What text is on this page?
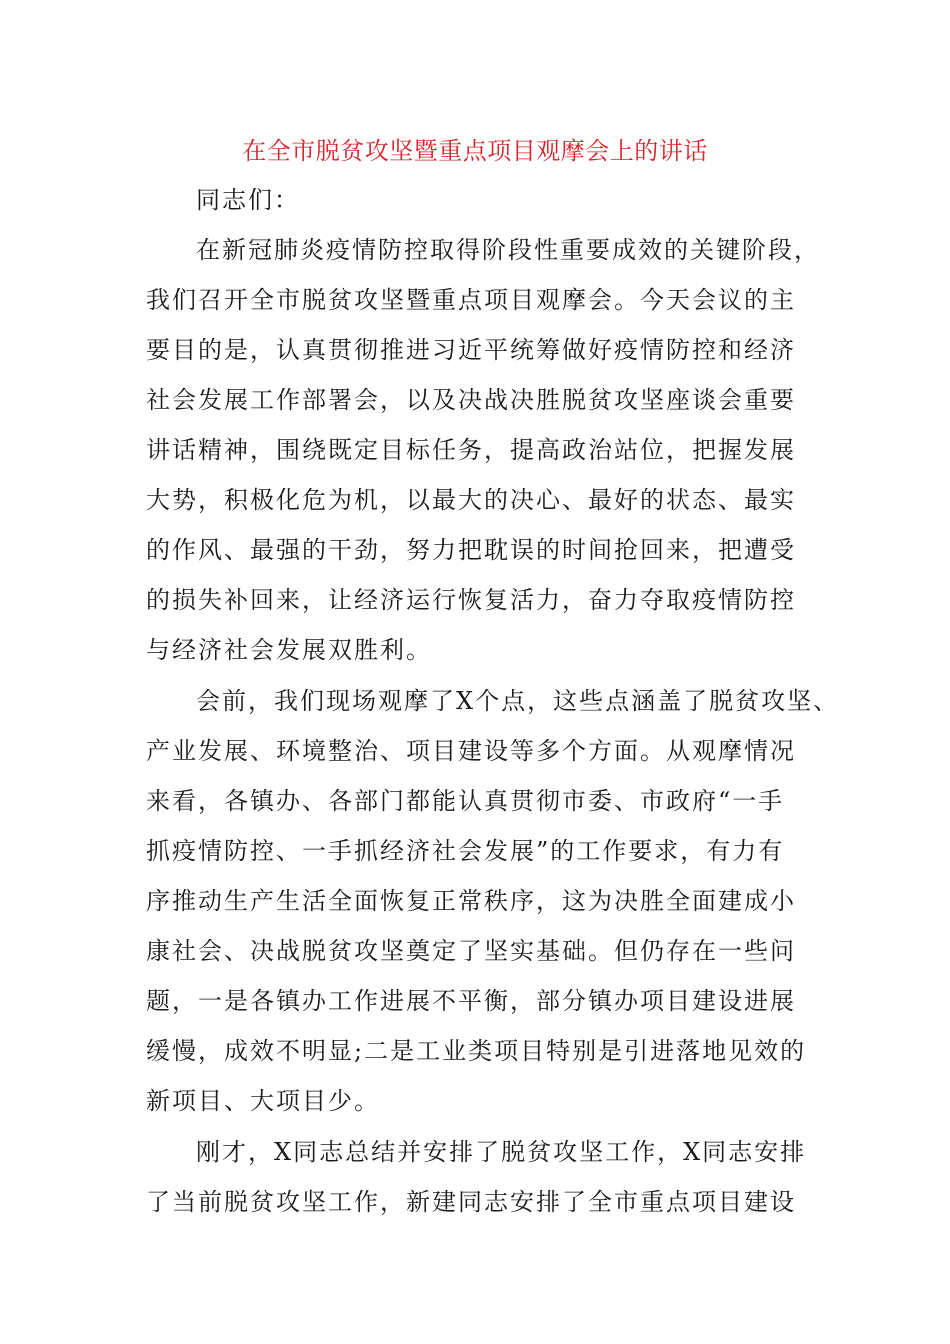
在全市脱贫攻坚暨重点项目观摩会上的讲话
同志们：
在新冠肺炎疫情防控取得阶段性重要成效的关键阶段，
我们召开全市脱贫攻坚暨重点项目观摩会。今天会议的主
要目的是，认真贯彻推进习近平统筹做好疫情防控和经济
社会发展工作部署会，以及决战决胜脱贫攻坚座谈会重要
讲话精神，围绕既定目标任务，提高政治站位，把握发展
大势，积极化危为机，以最大的决心、最好的状态、最实
的作风、最强的干劲，努力把耽误的时间抢回来，把遭受
的损失补回来，让经济运行恢复活力，奋力夺取疫情防控
与经济社会发展双胜利。
会前，我们现场观摩了X个点，这些点涵盖了脱贫攻坚、
产业发展、环境整治、项目建设等多个方面。从观摩情况
来看，各镇办、各部门都能认真贯彻市委、市政府“一手
抓疫情防控、一手抓经济社会发展”的工作要求，有力有
序推动生产生活全面恢复正常秩序，这为决胜全面建成小
康社会、决战脱贫攻坚奠定了坚实基础。但仍存在一些问
题，一是各镇办工作进展不平衡，部分镇办项目建设进展
缓慢，成效不明显;二是工业类项目特别是引进落地见效的
新项目、大项目少。
刚才，X同志总结并安排了脱贫攻坚工作，X同志安排
了当前脱贫攻坚工作，新建同志安排了全市重点项目建设
